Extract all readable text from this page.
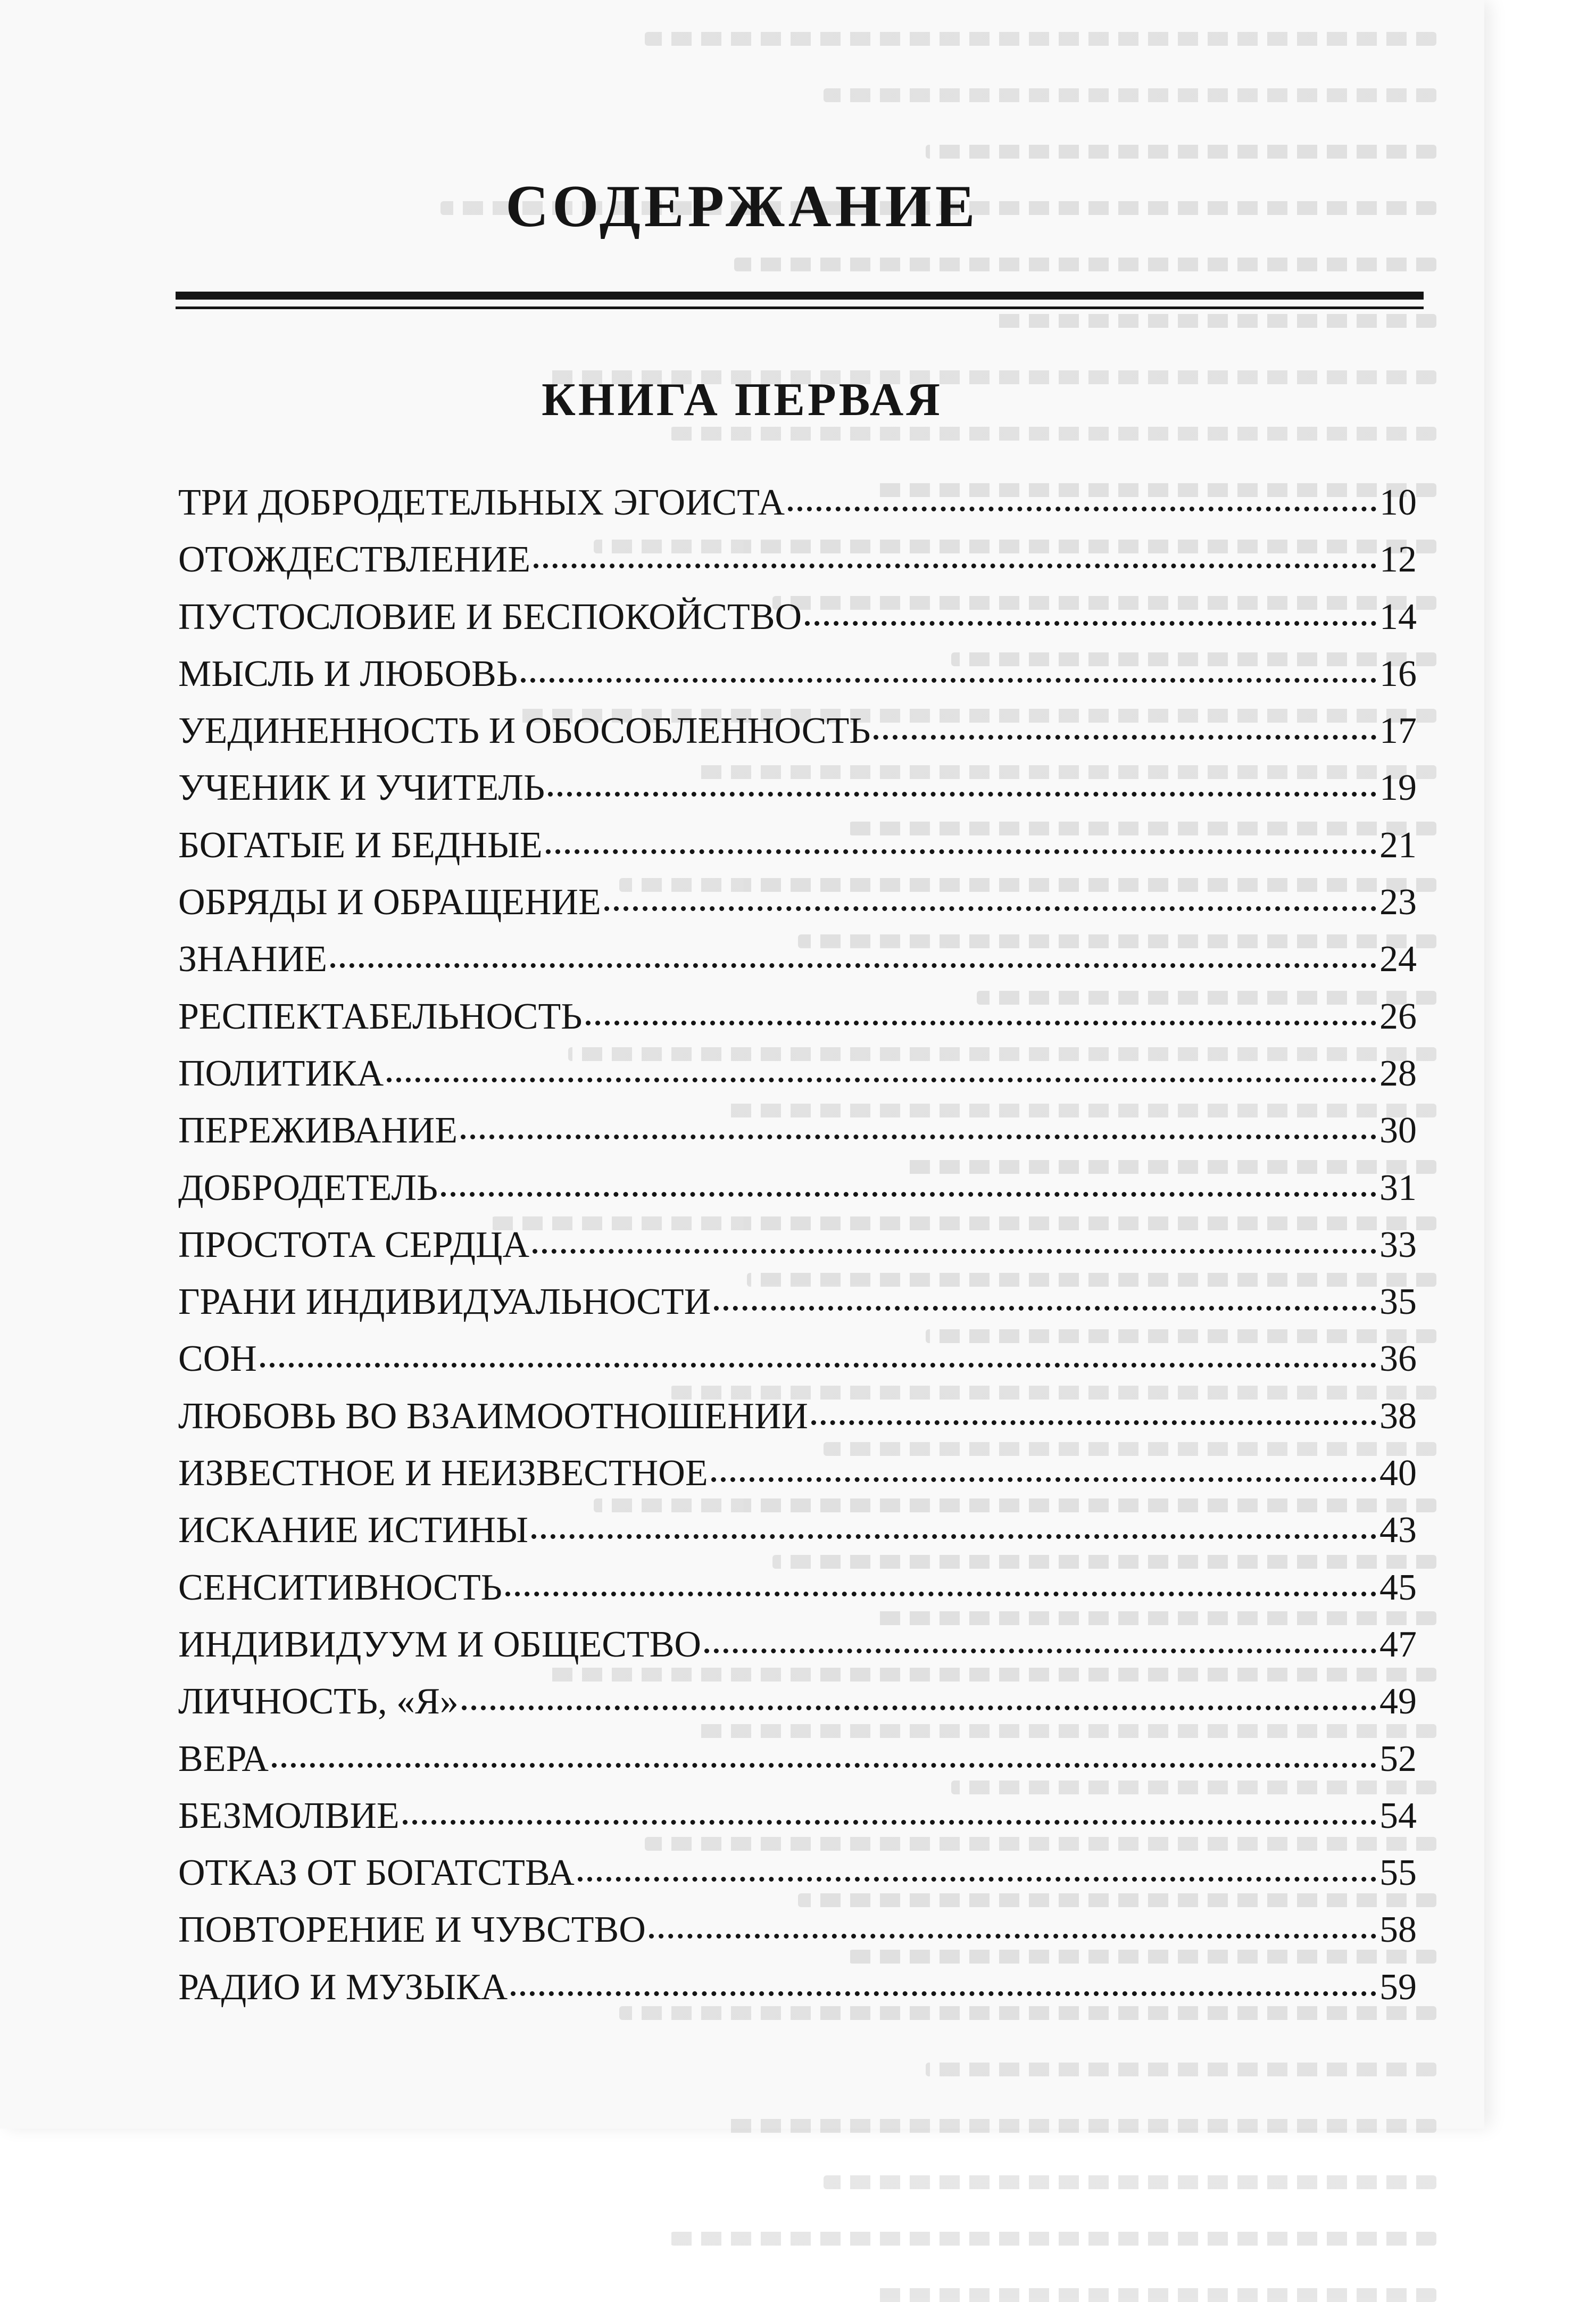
СОДЕРЖАНИЕ
КНИГА ПЕРВАЯ
ТРИ ДОБРОДЕТЕЛЬНЫХ ЭГОИСТА	10
ОТОЖДЕСТВЛЕНИЕ	12
ПУСТОСЛОВИЕ И БЕСПОКОЙСТВО	14
МЫСЛЬ И ЛЮБОВЬ	16
УЕДИНЕННОСТЬ И ОБОСОБЛЕННОСТЬ	17
УЧЕНИК И УЧИТЕЛЬ	19
БОГАТЫЕ И БЕДНЫЕ	21
ОБРЯДЫ И ОБРАЩЕНИЕ	23
ЗНАНИЕ	24
РЕСПЕКТАБЕЛЬНОСТЬ	26
ПОЛИТИКА	28
ПЕРЕЖИВАНИЕ	30
ДОБРОДЕТЕЛЬ	31
ПРОСТОТА СЕРДЦА	33
ГРАНИ ИНДИВИДУАЛЬНОСТИ	35
СОН	36
ЛЮБОВЬ ВО ВЗАИМООТНОШЕНИИ	38
ИЗВЕСТНОЕ И НЕИЗВЕСТНОЕ	40
ИСКАНИЕ ИСТИНЫ	43
СЕНСИТИВНОСТЬ	45
ИНДИВИДУУМ И ОБЩЕСТВО	47
ЛИЧНОСТЬ, «Я»	49
ВЕРА	52
БЕЗМОЛВИЕ	54
ОТКАЗ ОТ БОГАТСТВА	55
ПОВТОРЕНИЕ И ЧУВСТВО	58
РАДИО И МУЗЫКА	59
